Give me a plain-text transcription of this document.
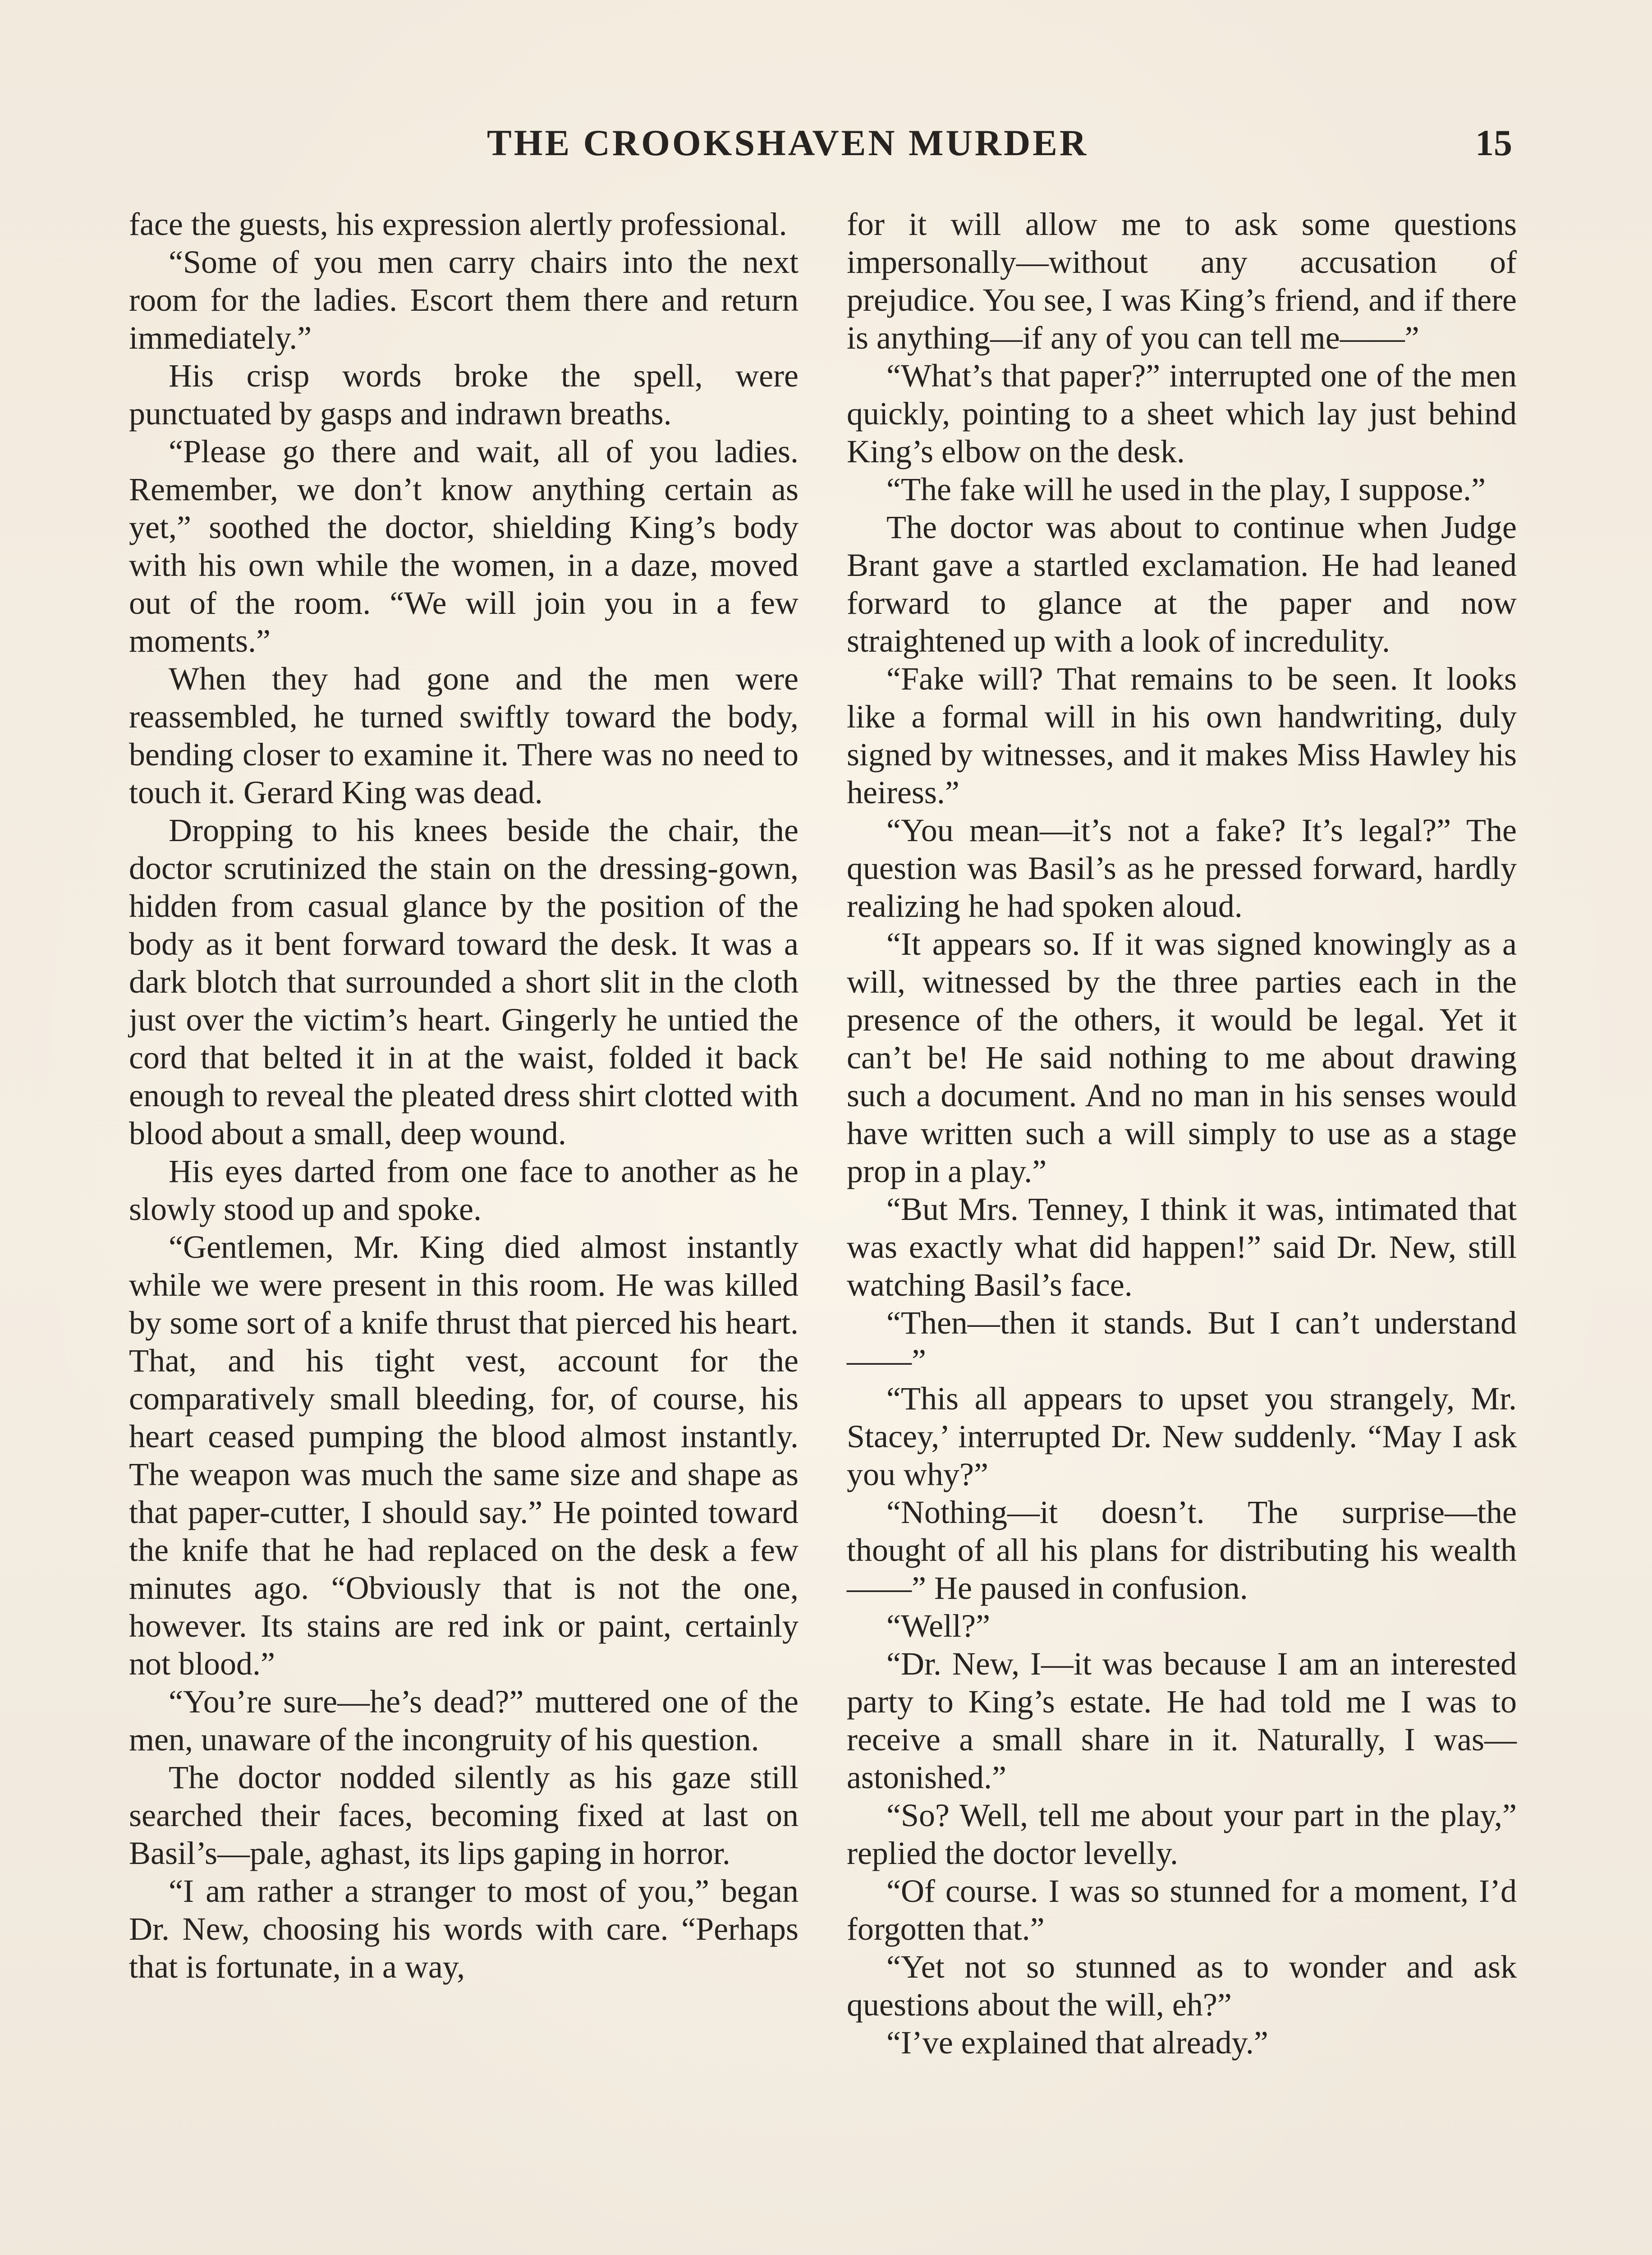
THE CROOKSHAVEN MURDER	15

face the guests, his expression alertly professional.

“Some of you men carry chairs into the next room for the ladies. Escort them there and return immediately.”

His crisp words broke the spell, were punctuated by gasps and indrawn breaths.

“Please go there and wait, all of you ladies. Remember, we don’t know anything certain as yet,” soothed the doctor, shielding King’s body with his own while the women, in a daze, moved out of the room. “We will join you in a few moments.”

When they had gone and the men were reassembled, he turned swiftly toward the body, bending closer to examine it. There was no need to touch it. Gerard King was dead.

Dropping to his knees beside the chair, the doctor scrutinized the stain on the dressing-gown, hidden from casual glance by the position of the body as it bent forward toward the desk. It was a dark blotch that surrounded a short slit in the cloth just over the victim’s heart. Gingerly he untied the cord that belted it in at the waist, folded it back enough to reveal the pleated dress shirt clotted with blood about a small, deep wound.

His eyes darted from one face to another as he slowly stood up and spoke.

“Gentlemen, Mr. King died almost instantly while we were present in this room. He was killed by some sort of a knife thrust that pierced his heart. That, and his tight vest, account for the comparatively small bleeding, for, of course, his heart ceased pumping the blood almost instantly. The weapon was much the same size and shape as that paper-cutter, I should say.” He pointed toward the knife that he had replaced on the desk a few minutes ago. “Obviously that is not the one, however. Its stains are red ink or paint, certainly not blood.”

“You’re sure—he’s dead?” muttered one of the men, unaware of the incongruity of his question.

The doctor nodded silently as his gaze still searched their faces, becoming fixed at last on Basil’s—pale, aghast, its lips gaping in horror.

“I am rather a stranger to most of you,” began Dr. New, choosing his words with care. “Perhaps that is fortunate, in a way,

for it will allow me to ask some questions impersonally—without any accusation of prejudice. You see, I was King’s friend, and if there is anything—if any of you can tell me——”

“What’s that paper?” interrupted one of the men quickly, pointing to a sheet which lay just behind King’s elbow on the desk.

“The fake will he used in the play, I suppose.”

The doctor was about to continue when Judge Brant gave a startled exclamation. He had leaned forward to glance at the paper and now straightened up with a look of incredulity.

“Fake will? That remains to be seen. It looks like a formal will in his own handwriting, duly signed by witnesses, and it makes Miss Hawley his heiress.”

“You mean—it’s not a fake? It’s legal?” The question was Basil’s as he pressed forward, hardly realizing he had spoken aloud.

“It appears so. If it was signed knowingly as a will, witnessed by the three parties each in the presence of the others, it would be legal. Yet it can’t be! He said nothing to me about drawing such a document. And no man in his senses would have written such a will simply to use as a stage prop in a play.”

“But Mrs. Tenney, I think it was, intimated that was exactly what did happen!” said Dr. New, still watching Basil’s face.

“Then—then it stands. But I can’t understand——”

“This all appears to upset you strangely, Mr. Stacey,’ interrupted Dr. New suddenly. “May I ask you why?”

“Nothing—it doesn’t. The surprise—the thought of all his plans for distributing his wealth——” He paused in confusion.

“Well?”

“Dr. New, I—it was because I am an interested party to King’s estate. He had told me I was to receive a small share in it. Naturally, I was—astonished.”

“So? Well, tell me about your part in the play,” replied the doctor levelly.

“Of course. I was so stunned for a moment, I’d forgotten that.”

“Yet not so stunned as to wonder and ask questions about the will, eh?”

“I’ve explained that already.”
